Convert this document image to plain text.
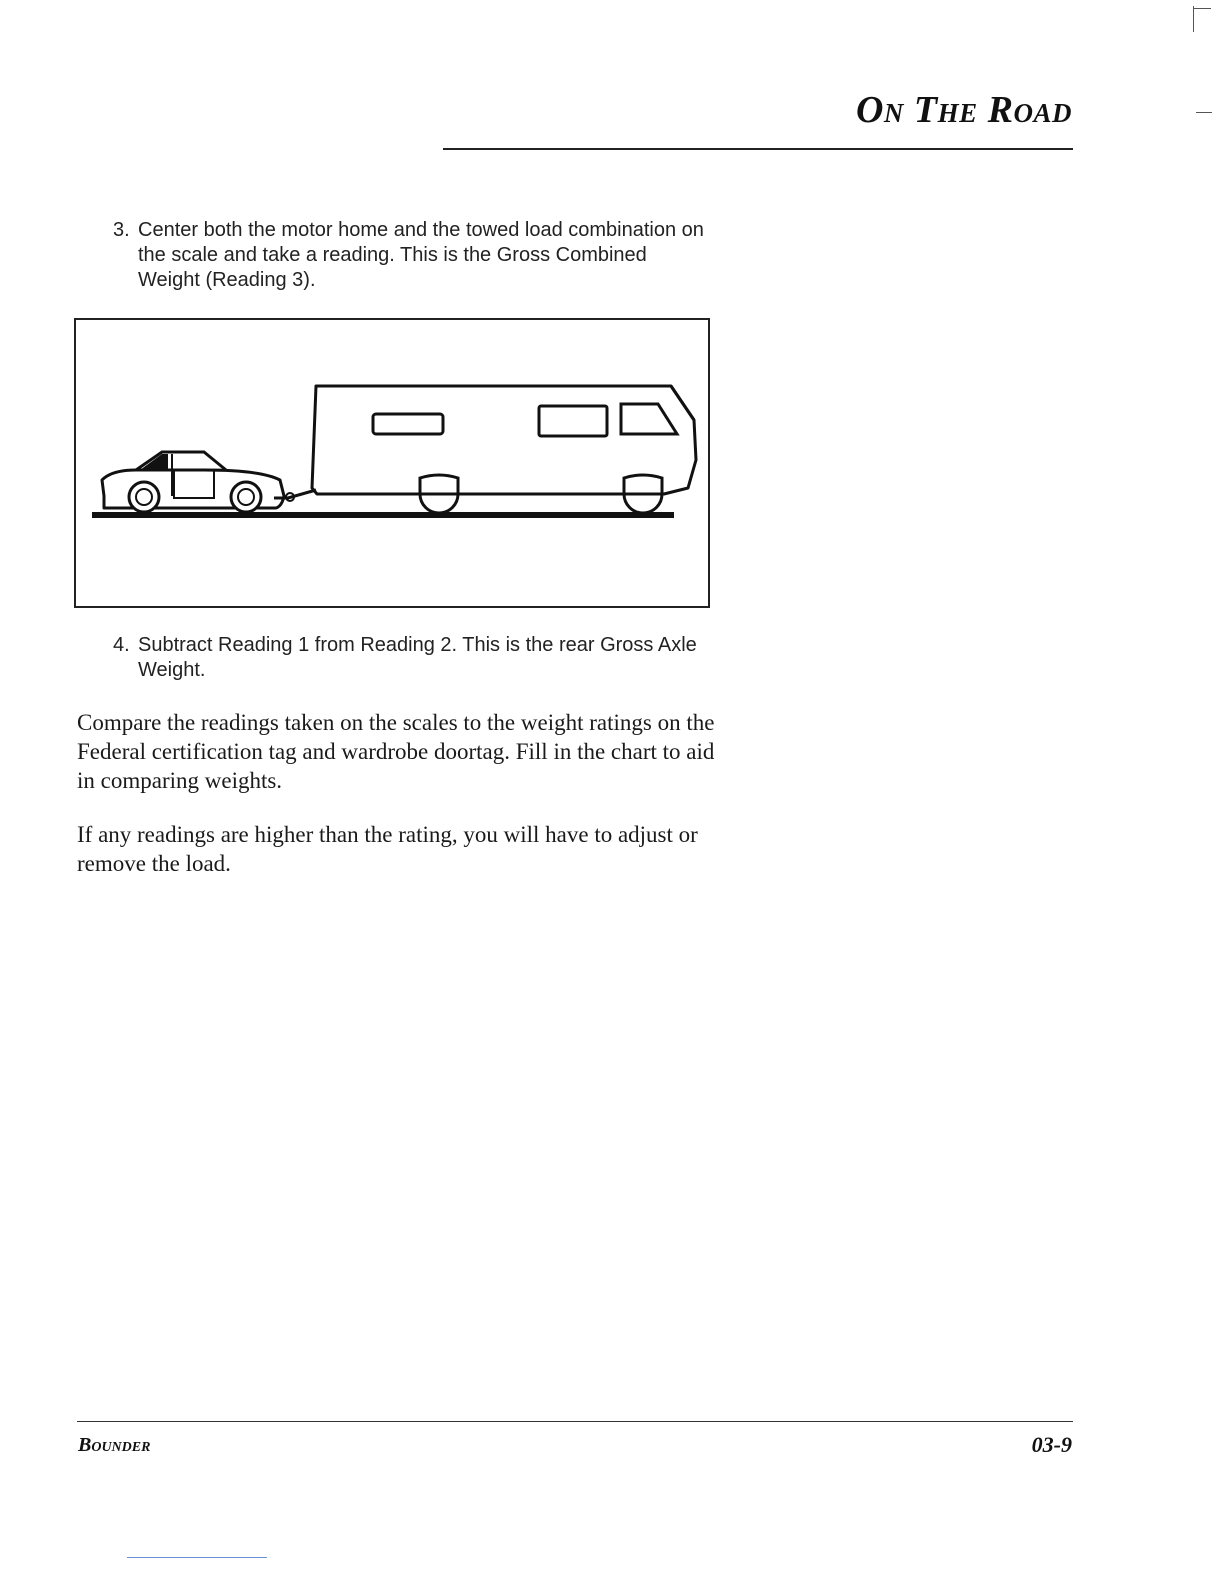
On The Road
3. Center both the motor home and the towed load combination on the scale and take a reading. This is the Gross Combined Weight (Reading 3).
4. Subtract Reading 1 from Reading 2. This is the rear Gross Axle Weight.
Compare the readings taken on the scales to the weight ratings on the Federal certification tag and wardrobe doortag. Fill in the chart to aid in comparing weights.
If any readings are higher than the rating, you will have to adjust or remove the load.
Bounder	03-9
